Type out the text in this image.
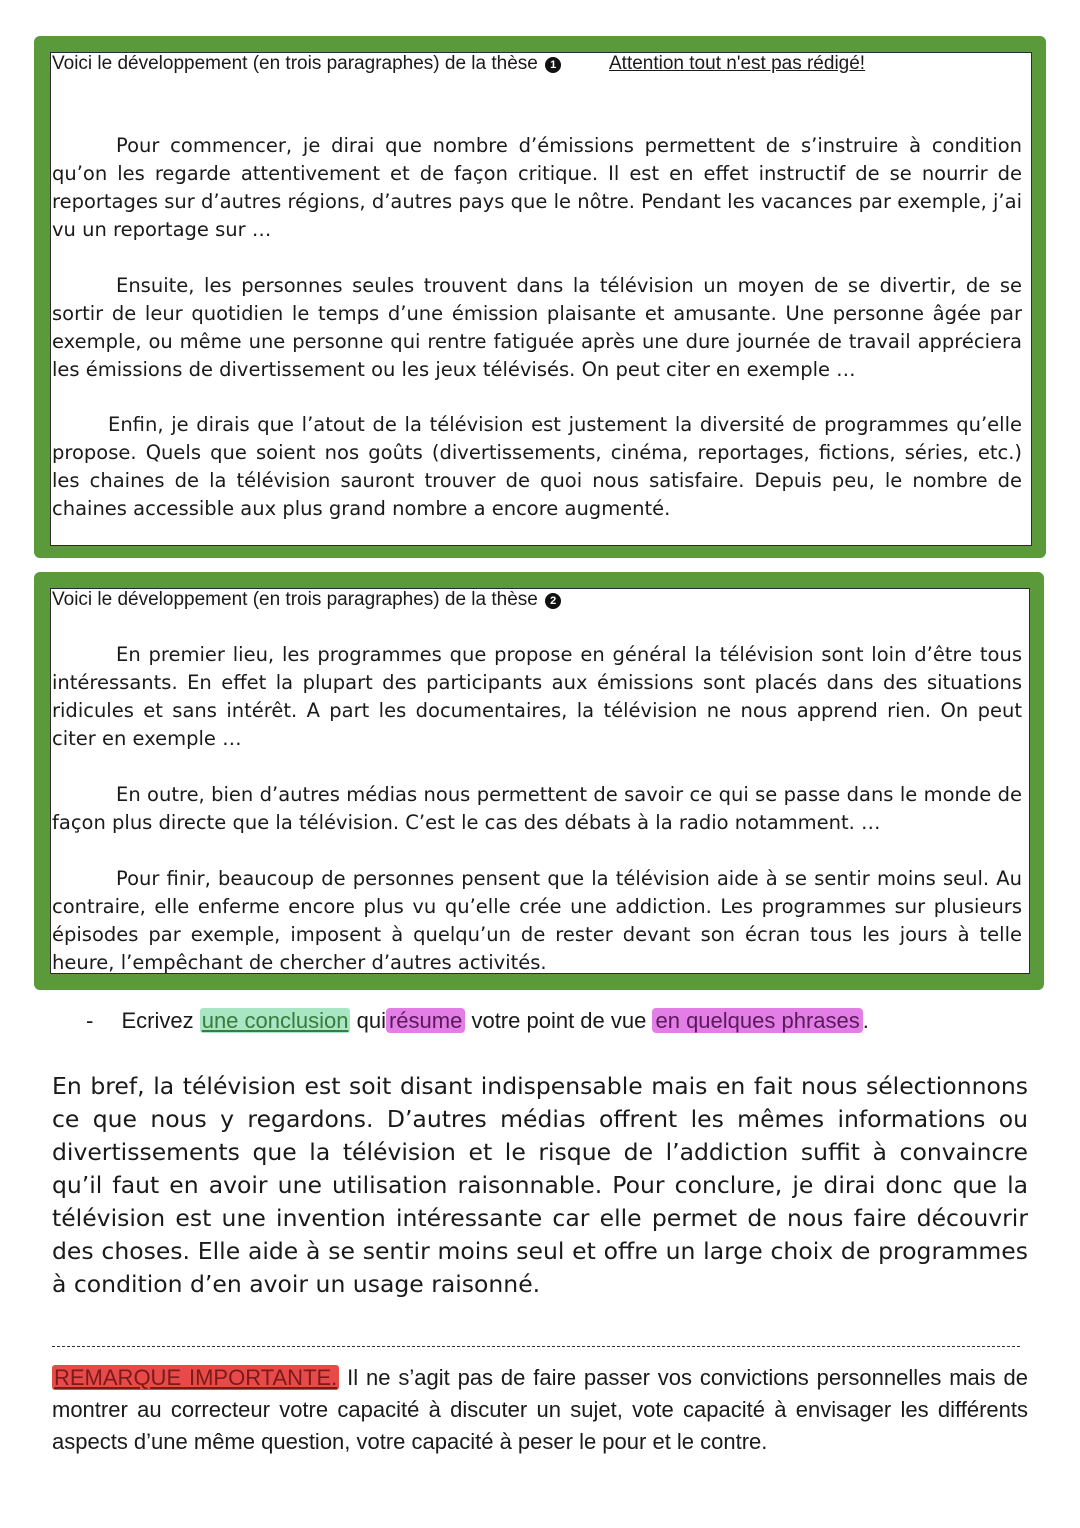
Voici le développement (en trois paragraphes) de la thèse 1	Attention tout n'est pas rédigé!

Pour commencer, je dirai que nombre d’émissions permettent de s’instruire à condition qu’on les regarde attentivement et de façon critique. Il est en effet instructif de se nourrir de reportages sur d’autres régions, d’autres pays que le nôtre. Pendant les vacances par exemple, j’ai vu un reportage sur …

Ensuite, les personnes seules trouvent dans la télévision un moyen de se divertir, de se sortir de leur quotidien le temps d’une émission plaisante et amusante. Une personne âgée par exemple, ou même une personne qui rentre fatiguée après une dure journée de travail appréciera les émissions de divertissement ou les jeux télévisés. On peut citer en exemple …

Enfin, je dirais que l’atout de la télévision est justement la diversité de programmes qu’elle propose. Quels que soient nos goûts (divertissements, cinéma, reportages, fictions, séries, etc.) les chaines de la télévision sauront trouver de quoi nous satisfaire. Depuis peu, le nombre de chaines accessible aux plus grand nombre a encore augmenté.

Voici le développement (en trois paragraphes) de la thèse 2

En premier lieu, les programmes que propose en général la télévision sont loin d’être tous intéressants. En effet la plupart des participants aux émissions sont placés dans des situations ridicules et sans intérêt. A part les documentaires, la télévision ne nous apprend rien. On peut citer en exemple …

En outre, bien d’autres médias nous permettent de savoir ce qui se passe dans le monde de façon plus directe que la télévision. C’est le cas des débats à la radio notamment. …

Pour finir, beaucoup de personnes pensent que la télévision aide à se sentir moins seul. Au contraire, elle enferme encore plus vu qu’elle crée une addiction. Les programmes sur plusieurs épisodes par exemple, imposent à quelqu’un de rester devant son écran tous les jours à telle heure, l’empêchant de chercher d’autres activités.

- Ecrivez une conclusion qui résume votre point de vue en quelques phrases .

En bref, la télévision est soit disant indispensable mais en fait nous sélectionnons ce que nous y regardons. D’autres médias offrent les mêmes informations ou divertissements que la télévision et le risque de l’addiction suffit à convaincre qu’il faut en avoir une utilisation raisonnable. Pour conclure, je dirai donc que la télévision est une invention intéressante car elle permet de nous faire découvrir des choses. Elle aide à se sentir moins seul et offre un large choix de programmes à condition d’en avoir un usage raisonné.

REMARQUE IMPORTANTE. Il ne s’agit pas de faire passer vos convictions personnelles mais de montrer au correcteur votre capacité à discuter un sujet, vote capacité à envisager les différents aspects d’une même question, votre capacité à peser le pour et le contre.
